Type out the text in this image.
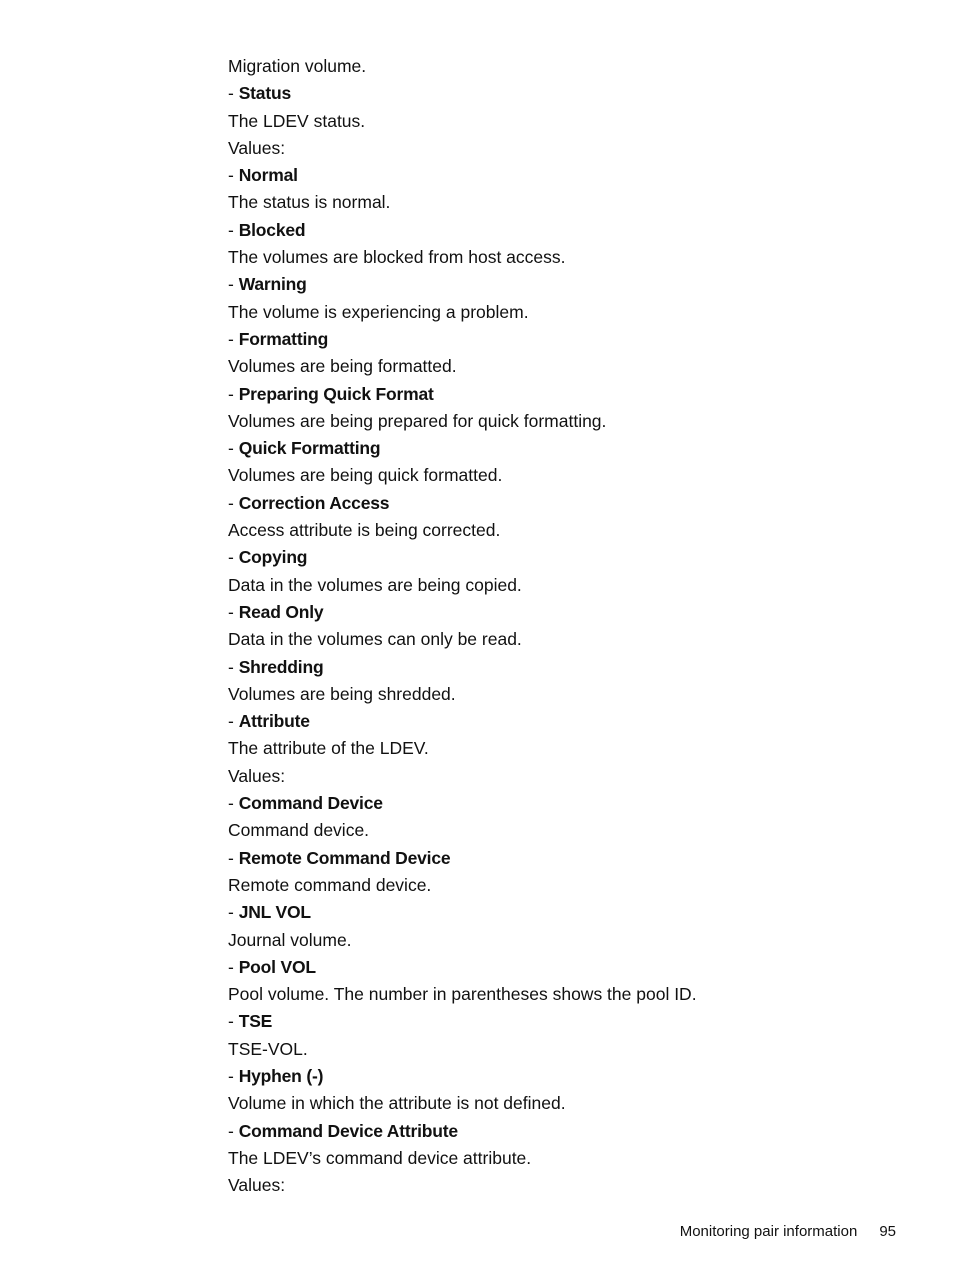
Migration volume.
- Status
The LDEV status.
Values:
- Normal
The status is normal.
- Blocked
The volumes are blocked from host access.
- Warning
The volume is experiencing a problem.
- Formatting
Volumes are being formatted.
- Preparing Quick Format
Volumes are being prepared for quick formatting.
- Quick Formatting
Volumes are being quick formatted.
- Correction Access
Access attribute is being corrected.
- Copying
Data in the volumes are being copied.
- Read Only
Data in the volumes can only be read.
- Shredding
Volumes are being shredded.
- Attribute
The attribute of the LDEV.
Values:
- Command Device
Command device.
- Remote Command Device
Remote command device.
- JNL VOL
Journal volume.
- Pool VOL
Pool volume. The number in parentheses shows the pool ID.
- TSE
TSE-VOL.
- Hyphen (-)
Volume in which the attribute is not defined.
- Command Device Attribute
The LDEV’s command device attribute.
Values:
Monitoring pair information 95
